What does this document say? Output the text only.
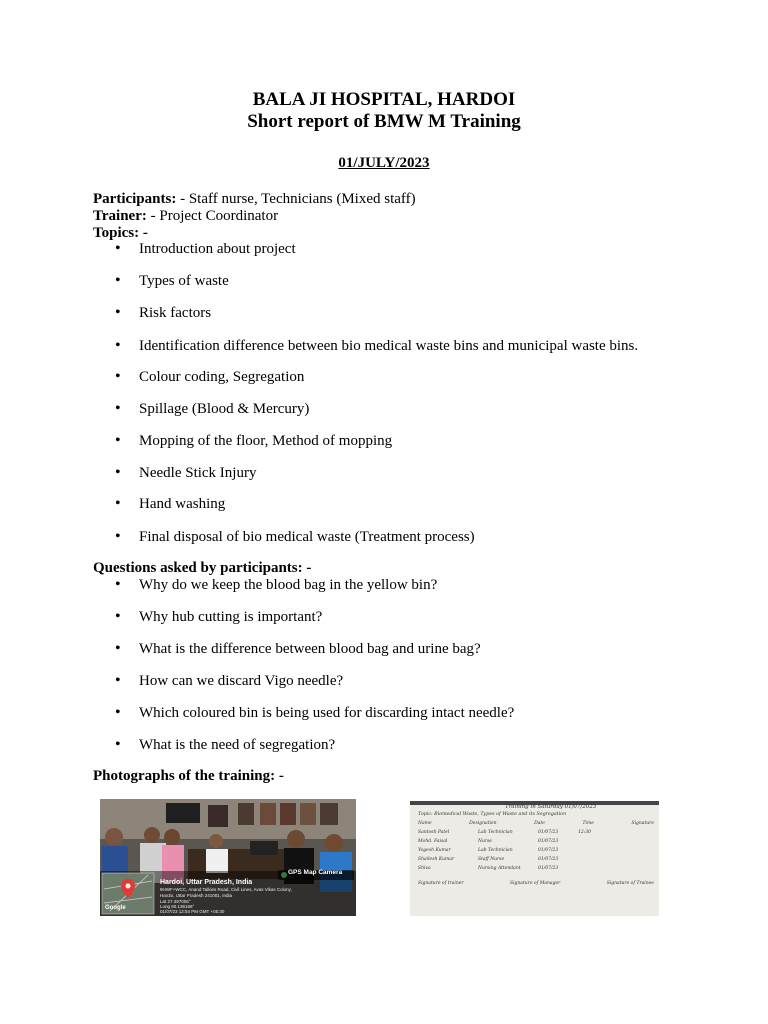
BALA JI HOSPITAL, HARDOI
Short report of BMW M Training
01/JULY/2023
Participants: - Staff nurse, Technicians (Mixed staff)
Trainer: - Project Coordinator
Topics: -
• Introduction about project
• Types of waste
• Risk factors
• Identification difference between bio medical waste bins and municipal waste bins.
• Colour coding, Segregation
• Spillage (Blood & Mercury)
• Mopping of the floor, Method of mopping
• Needle Stick Injury
• Hand washing
• Final disposal of bio medical waste (Treatment process)
Questions asked by participants: -
• Why do we keep the blood bag in the yellow bin?
• Why hub cutting is important?
• What is the difference between blood bag and urine bag?
• How can we discard Vigo needle?
• Which coloured bin is being used for discarding intact needle?
• What is the need of segregation?
Photographs of the training: -
GPS Map Camera
Hardoi, Uttar Pradesh, India
9HWF+WCC, Anand Talkies Road, Civil Lines, Avas Vikas Colony,
Hardoi, Uttar Pradesh 241001, India
Lat 27.397006°
Long 80.136166°
01/07/23 12:54 PM GMT +05:30
Google
Training in Saturday 01/07/2023
Topic: Biomedical Waste, Types of Waste and its Segregation
Name	Designation	Date	Time	Signature
Santosh Patel	Lab Technician	01/07/23	12:30
Mohd. Faisal	Nurse	01/07/23
Yogesh Kumar	Lab Technician	01/07/23
Shailesh Kumar	Staff Nurse	01/07/23
Shiva	Nursing Attendant	01/07/23
Signature of trainer	Signature of Manager	Signature of Trainee
